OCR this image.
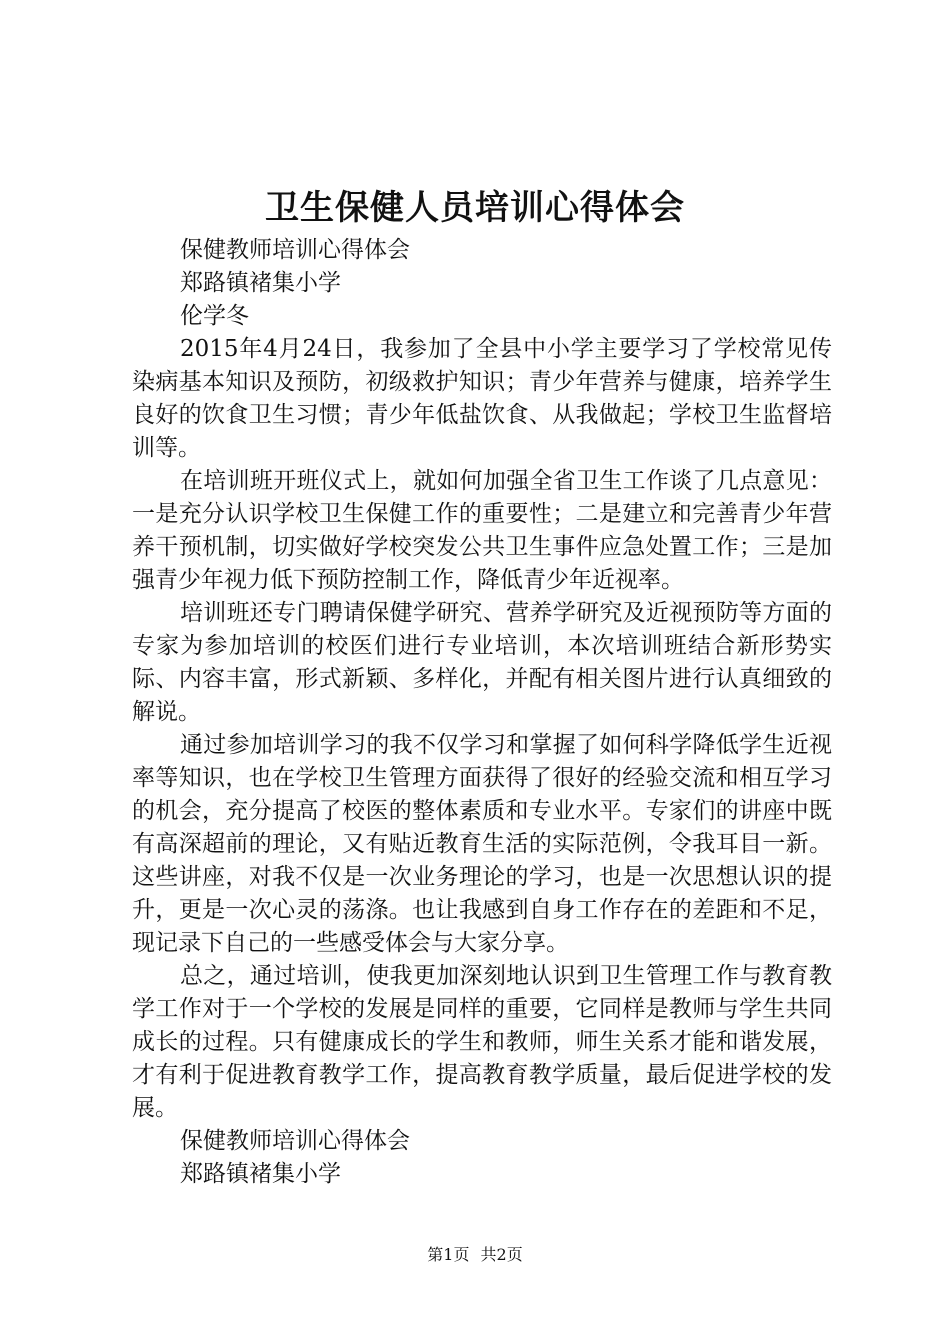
卫生保健人员培训心得体会

保健教师培训心得体会

郑路镇褚集小学

伦学冬

2015年4月24日，我参加了全县中小学主要学习了学校常见传染病基本知识及预防，初级救护知识；青少年营养与健康，培养学生良好的饮食卫生习惯；青少年低盐饮食、从我做起；学校卫生监督培训等。

在培训班开班仪式上，就如何加强全省卫生工作谈了几点意见：一是充分认识学校卫生保健工作的重要性；二是建立和完善青少年营养干预机制，切实做好学校突发公共卫生事件应急处置工作；三是加强青少年视力低下预防控制工作，降低青少年近视率。

培训班还专门聘请保健学研究、营养学研究及近视预防等方面的专家为参加培训的校医们进行专业培训，本次培训班结合新形势实际、内容丰富，形式新颖、多样化，并配有相关图片进行认真细致的解说。

通过参加培训学习的我不仅学习和掌握了如何科学降低学生近视率等知识，也在学校卫生管理方面获得了很好的经验交流和相互学习的机会，充分提高了校医的整体素质和专业水平。专家们的讲座中既有高深超前的理论，又有贴近教育生活的实际范例，令我耳目一新。这些讲座，对我不仅是一次业务理论的学习，也是一次思想认识的提升，更是一次心灵的荡涤。也让我感到自身工作存在的差距和不足，现记录下自己的一些感受体会与大家分享。

总之，通过培训，使我更加深刻地认识到卫生管理工作与教育教学工作对于一个学校的发展是同样的重要，它同样是教师与学生共同成长的过程。只有健康成长的学生和教师，师生关系才能和谐发展，才有利于促进教育教学工作，提高教育教学质量，最后促进学校的发展。

保健教师培训心得体会

郑路镇褚集小学

第1页 共2页
